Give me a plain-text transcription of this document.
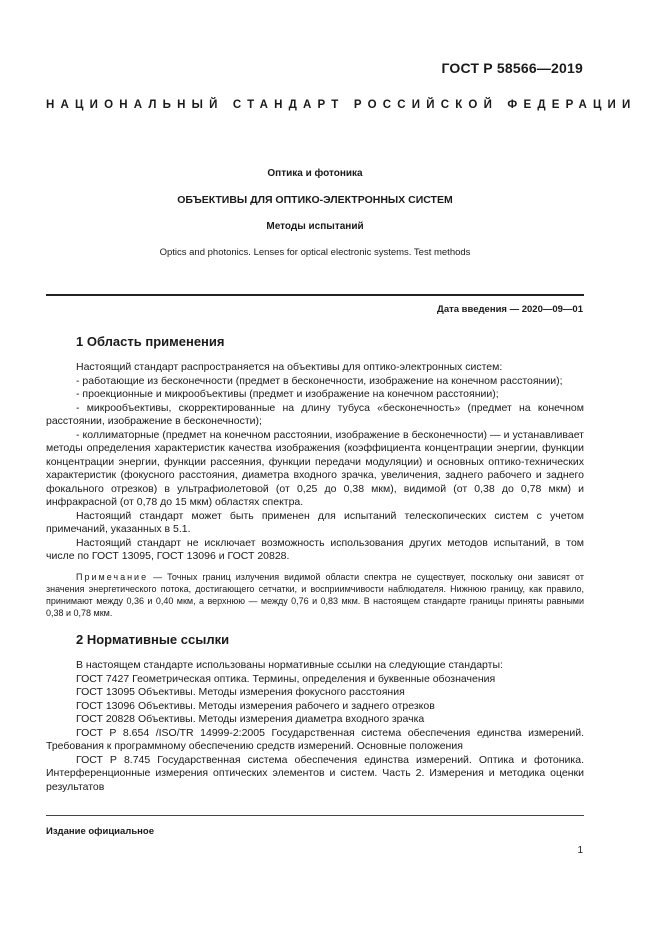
ГОСТ Р 58566—2019
НАЦИОНАЛЬНЫЙ СТАНДАРТ РОССИЙСКОЙ ФЕДЕРАЦИИ
Оптика и фотоника
ОБЪЕКТИВЫ ДЛЯ ОПТИКО-ЭЛЕКТРОННЫХ СИСТЕМ
Методы испытаний
Optics and photonics. Lenses for optical electronic systems. Test methods
Дата введения — 2020—09—01
1 Область применения

Настоящий стандарт распространяется на объективы для оптико-электронных систем:

- работающие из бесконечности (предмет в бесконечности, изображение на конечном расстоянии);

- проекционные и микрообъективы (предмет и изображение на конечном расстоянии);

- микрообъективы, скорректированные на длину тубуса «бесконечность» (предмет на конечном расстоянии, изображение в бесконечности);

- коллиматорные (предмет на конечном расстоянии, изображение в бесконечности) — и устанавливает методы определения характеристик качества изображения (коэффициента концентрации энергии, функции концентрации энергии, функции рассеяния, функции передачи модуляции) и основных оптико-технических характеристик (фокусного расстояния, диаметра входного зрачка, увеличения, заднего рабочего и заднего фокального отрезков) в ультрафиолетовой (от 0,25 до 0,38 мкм), видимой (от 0,38 до 0,78 мкм) и инфракрасной (от 0,78 до 15 мкм) областях спектра.

Настоящий стандарт может быть применен для испытаний телескопических систем с учетом примечаний, указанных в 5.1.

Настоящий стандарт не исключает возможность использования других методов испытаний, в том числе по ГОСТ 13095, ГОСТ 13096 и ГОСТ 20828.

Примечание — Точных границ излучения видимой области спектра не существует, поскольку они зависят от значения энергетического потока, достигающего сетчатки, и восприимчивости наблюдателя. Нижнюю границу, как правило, принимают между 0,36 и 0,40 мкм, а верхнюю — между 0,76 и 0,83 мкм. В настоящем стандарте границы приняты равными 0,38 и 0,78 мкм.

2 Нормативные ссылки

В настоящем стандарте использованы нормативные ссылки на следующие стандарты:

ГОСТ 7427 Геометрическая оптика. Термины, определения и буквенные обозначения

ГОСТ 13095 Объективы. Методы измерения фокусного расстояния

ГОСТ 13096 Объективы. Методы измерения рабочего и заднего отрезков

ГОСТ 20828 Объективы. Методы измерения диаметра входного зрачка

ГОСТ Р 8.654 /ISO/TR 14999-2:2005 Государственная система обеспечения единства измерений. Требования к программному обеспечению средств измерений. Основные положения

ГОСТ Р 8.745 Государственная система обеспечения единства измерений. Оптика и фотоника. Интерференционные измерения оптических элементов и систем. Часть 2. Измерения и методика оценки результатов

Издание официальное
1
